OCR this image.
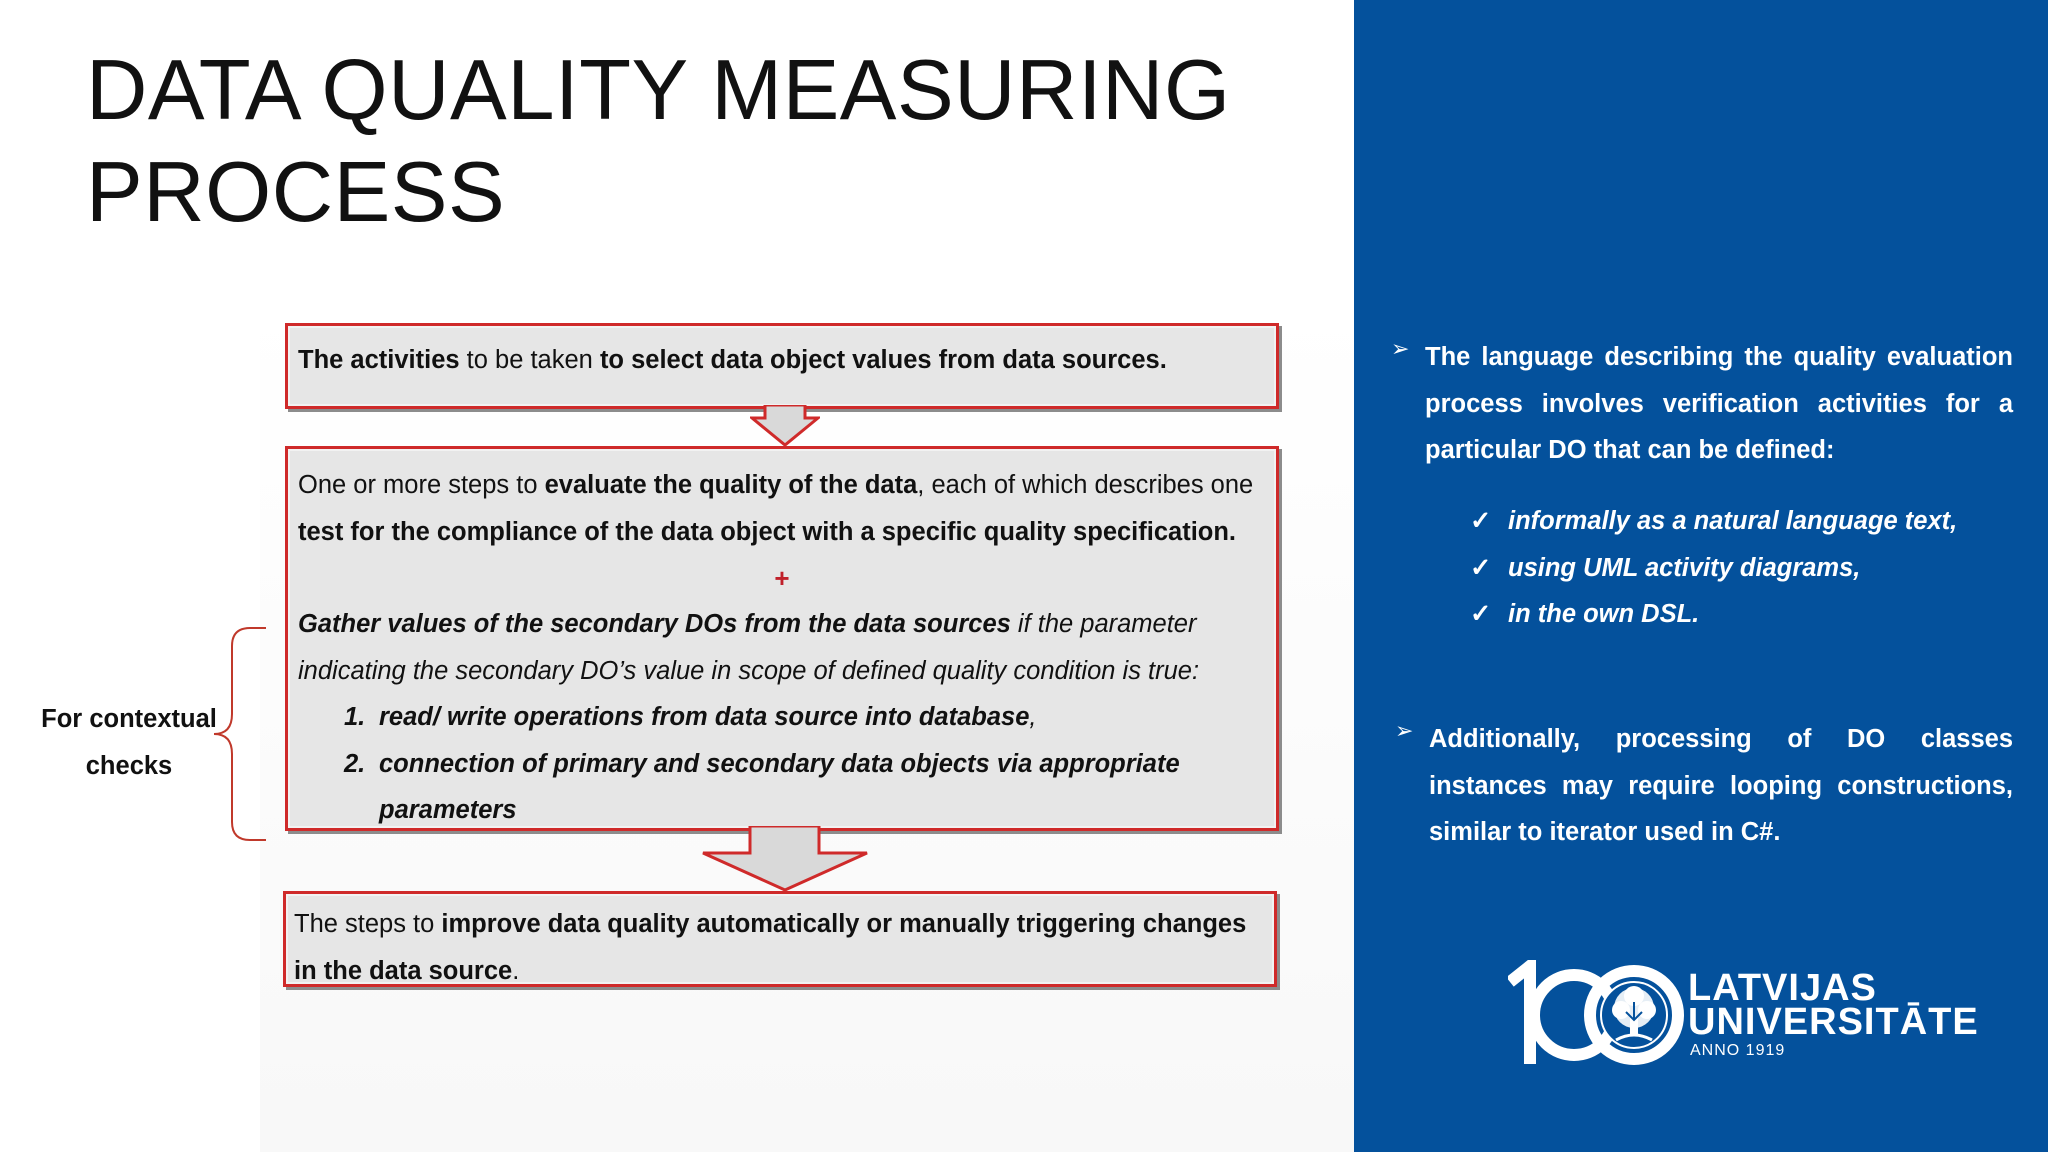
DATA QUALITY MEASURING
PROCESS
The activities to be taken to select data object values from data sources.
One or more steps to evaluate the quality of the data, each of which describes one test for the compliance of the data object with a specific quality specification.
+
Gather values of the secondary DOs from the data sources if the parameter indicating the secondary DO’s value in scope of defined quality condition is true:
1. read/ write operations from data source into database,
2. connection of primary and secondary data objects via appropriate parameters
The steps to improve data quality automatically or manually triggering changes in the data source.
For contextual checks
➢ The language describing the quality evaluation process involves verification activities for a particular DO that can be defined:
✓ informally as a natural language text,
✓ using UML activity diagrams,
✓ in the own DSL.
➢ Additionally, processing of DO classes instances may require looping constructions, similar to iterator used in C#.
LATVIJAS
UNIVERSITĀTE
ANNO 1919
